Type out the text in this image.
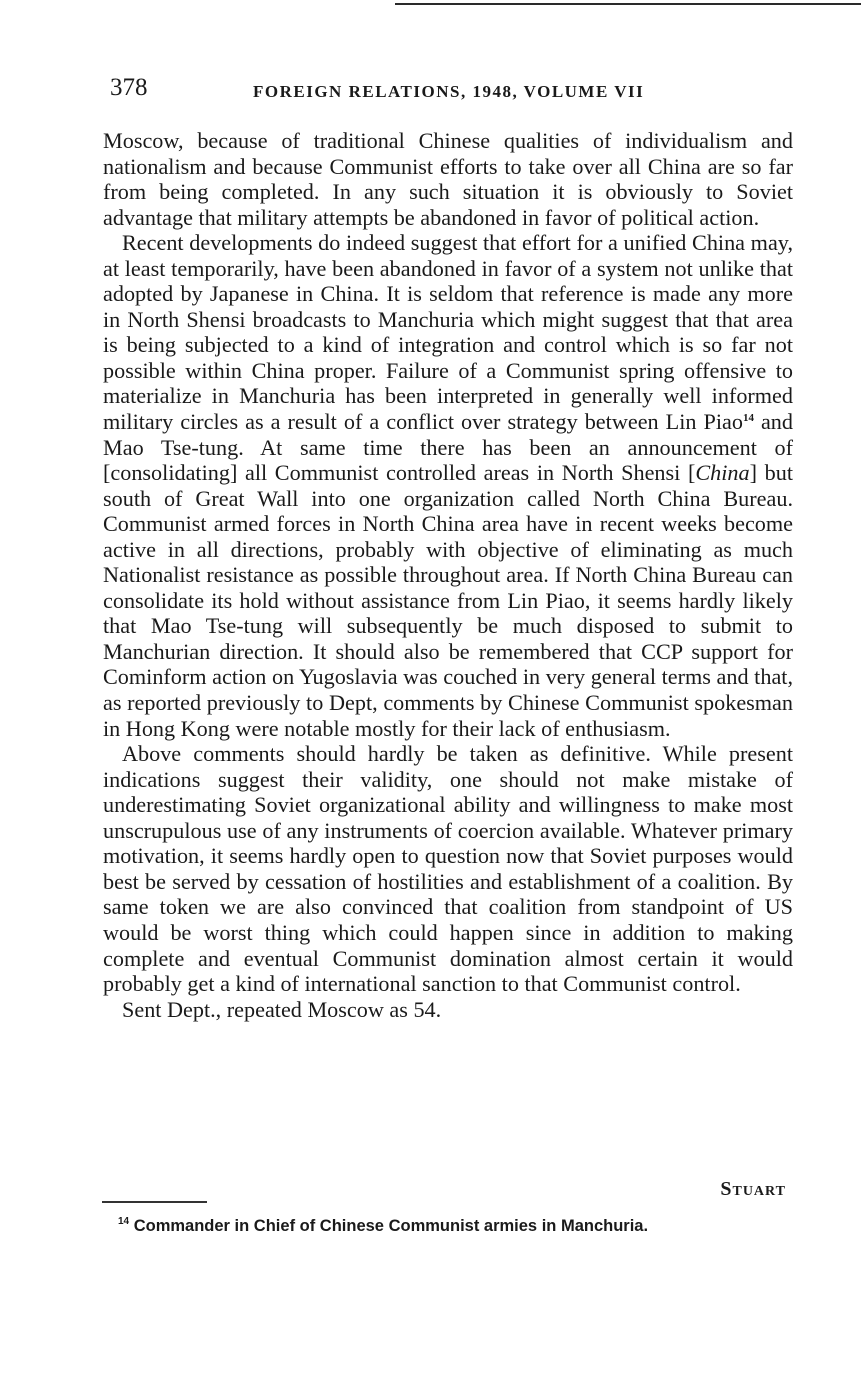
378	FOREIGN RELATIONS, 1948, VOLUME VII

Moscow, because of traditional Chinese qualities of individualism and nationalism and because Communist efforts to take over all China are so far from being completed. In any such situation it is obviously to Soviet advantage that military attempts be abandoned in favor of political action.

Recent developments do indeed suggest that effort for a unified China may, at least temporarily, have been abandoned in favor of a system not unlike that adopted by Japanese in China. It is seldom that reference is made any more in North Shensi broadcasts to Manchuria which might suggest that that area is being subjected to a kind of integration and control which is so far not possible within China proper. Failure of a Communist spring offensive to materialize in Manchuria has been interpreted in generally well informed military circles as a result of a conflict over strategy between Lin Piao$^{14}$ and Mao Tse-tung. At same time there has been an announcement of [consolidating] all Communist controlled areas in North Shensi [China] but south of Great Wall into one organization called North China Bureau. Communist armed forces in North China area have in recent weeks become active in all directions, probably with objective of eliminating as much Nationalist resistance as possible throughout area. If North China Bureau can consolidate its hold without assistance from Lin Piao, it seems hardly likely that Mao Tse-tung will subsequently be much disposed to submit to Manchurian direction. It should also be remembered that CCP support for Cominform action on Yugoslavia was couched in very general terms and that, as reported previously to Dept, comments by Chinese Communist spokesman in Hong Kong were notable mostly for their lack of enthusiasm.

Above comments should hardly be taken as definitive. While present indications suggest their validity, one should not make mistake of underestimating Soviet organizational ability and willingness to make most unscrupulous use of any instruments of coercion available. Whatever primary motivation, it seems hardly open to question now that Soviet purposes would best be served by cessation of hostilities and establishment of a coalition. By same token we are also convinced that coalition from standpoint of US would be worst thing which could happen since in addition to making complete and eventual Communist domination almost certain it would probably get a kind of international sanction to that Communist control.

Sent Dept., repeated Moscow as 54.

Stuart
$^{14}$ Commander in Chief of Chinese Communist armies in Manchuria.
